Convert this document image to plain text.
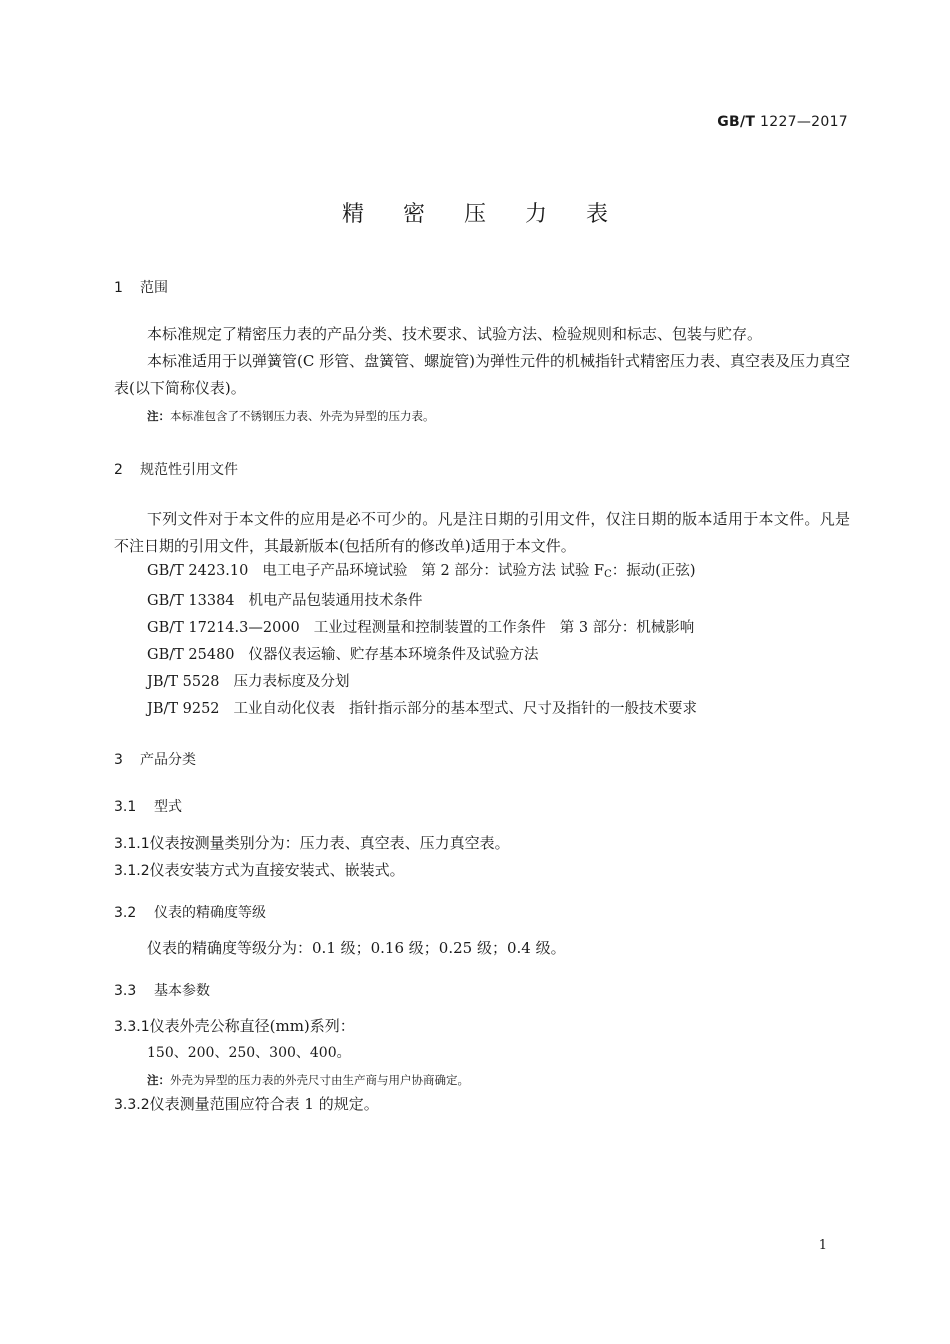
GB/T 1227—2017
精 密 压 力 表
1 范围
本标准规定了精密压力表的产品分类、技术要求、试验方法、检验规则和标志、包装与贮存。
本标准适用于以弹簧管(C 形管、盘簧管、螺旋管)为弹性元件的机械指针式精密压力表、真空表及压力真空表(以下简称仪表)。
注：本标准包含了不锈钢压力表、外壳为异型的压力表。
2 规范性引用文件
下列文件对于本文件的应用是必不可少的。凡是注日期的引用文件，仅注日期的版本适用于本文件。凡是不注日期的引用文件，其最新版本(包括所有的修改单)适用于本文件。
GB/T 2423.10 电工电子产品环境试验 第 2 部分：试验方法 试验 $F_C$：振动(正弦)
GB/T 13384 机电产品包装通用技术条件
GB/T 17214.3—2000 工业过程测量和控制装置的工作条件 第 3 部分：机械影响
GB/T 25480 仪器仪表运输、贮存基本环境条件及试验方法
JB/T 5528 压力表标度及分划
JB/T 9252 工业自动化仪表 指针指示部分的基本型式、尺寸及指针的一般技术要求
3 产品分类
3.1 型式
3.1.1仪表按测量类别分为：压力表、真空表、压力真空表。
3.1.2仪表安装方式为直接安装式、嵌装式。
3.2 仪表的精确度等级
仪表的精确度等级分为：0.1 级；0.16 级；0.25 级；0.4 级。
3.3 基本参数
3.3.1仪表外壳公称直径(mm)系列：
150、200、250、300、400。
注：外壳为异型的压力表的外壳尺寸由生产商与用户协商确定。
3.3.2仪表测量范围应符合表 1 的规定。
1
